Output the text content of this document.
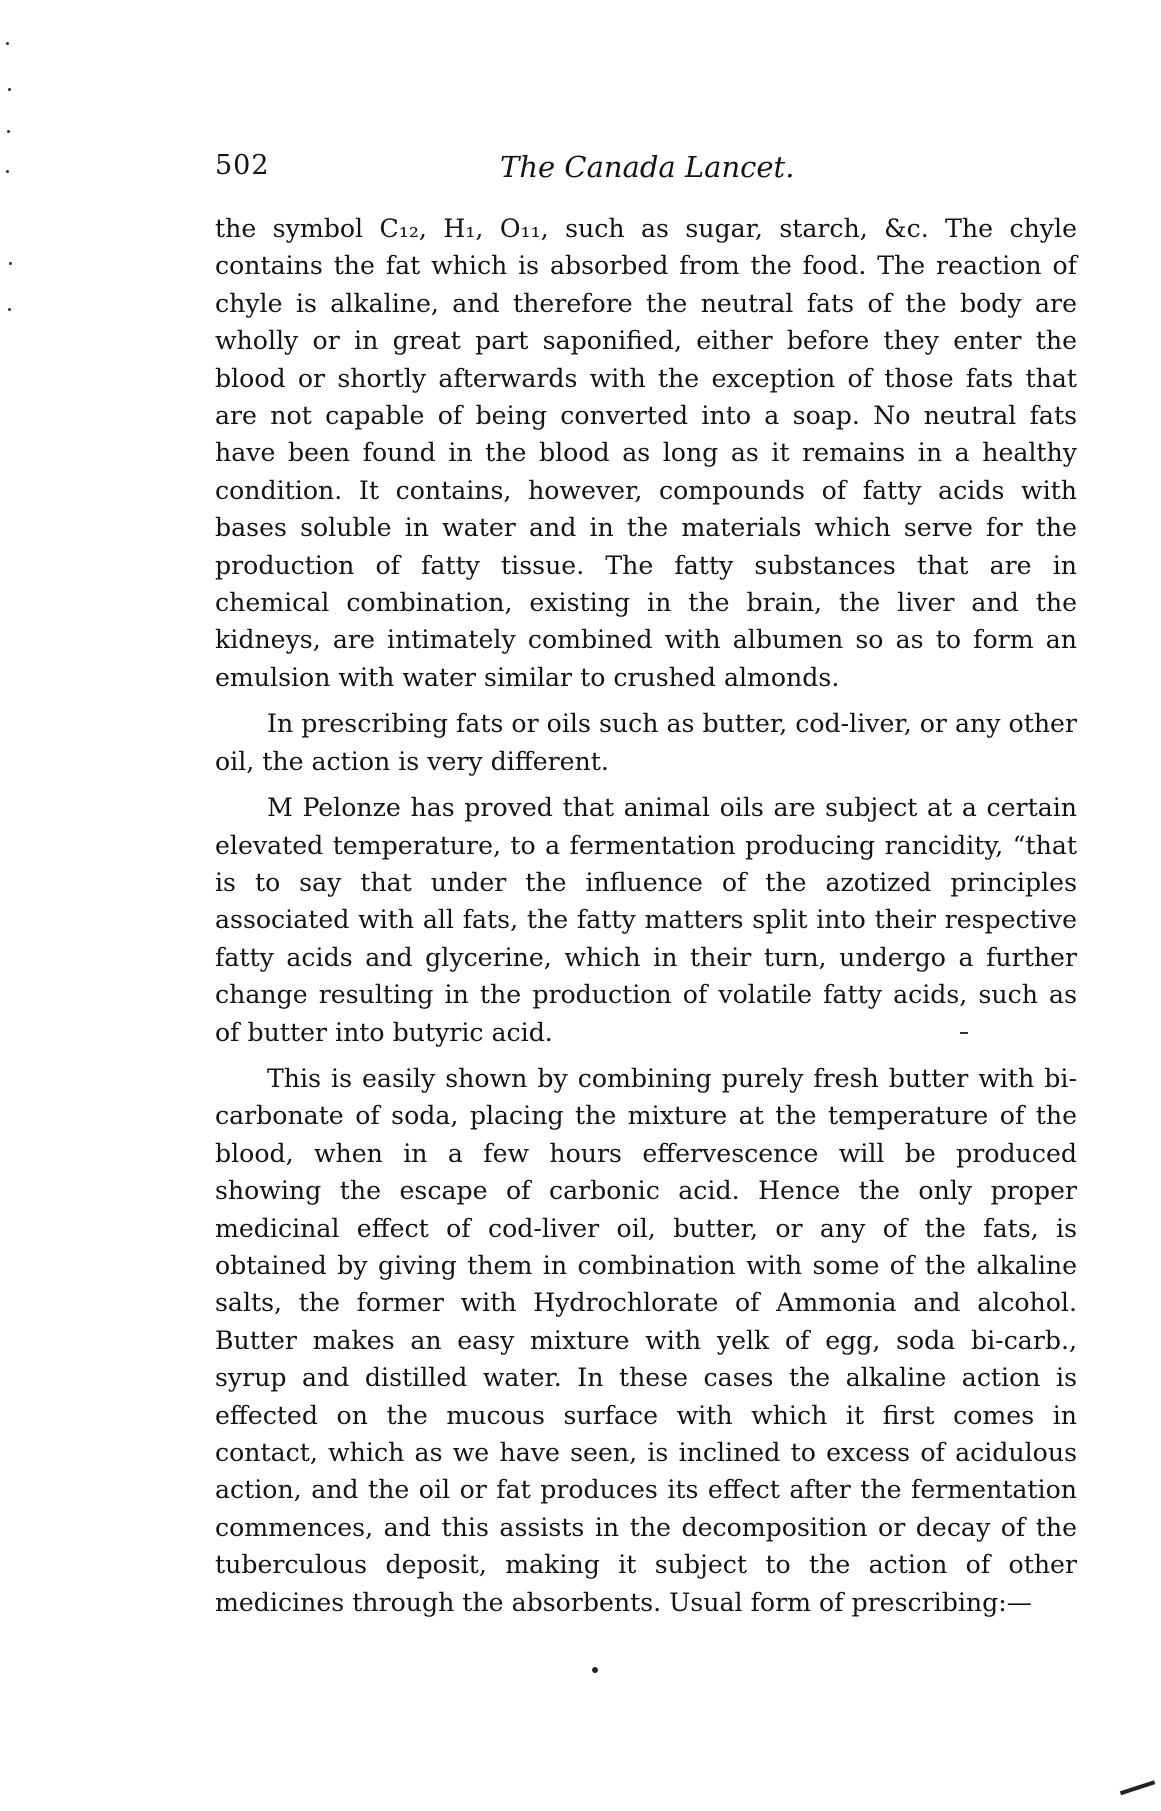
502	The Canada Lancet.

the symbol C₁₂, H₁, O₁₁, such as sugar, starch, &c. The chyle contains the fat which is absorbed from the food. The reaction of chyle is alkaline, and therefore the neutral fats of the body are wholly or in great part saponified, either before they enter the blood or shortly afterwards with the exception of those fats that are not capable of being converted into a soap. No neutral fats have been found in the blood as long as it remains in a healthy condition. It contains, however, compounds of fatty acids with bases soluble in water and in the materials which serve for the production of fatty tissue. The fatty substances that are in chemical combination, existing in the brain, the liver and the kidneys, are intimately combined with albumen so as to form an emulsion with water similar to crushed almonds.

In prescribing fats or oils such as butter, cod-liver, or any other oil, the action is very different.

M Pelonze has proved that animal oils are subject at a certain elevated temperature, to a fermentation producing rancidity, “that is to say that under the influence of the azotized principles associated with all fats, the fatty matters split into their respective fatty acids and glycerine, which in their turn, undergo a further change resulting in the production of volatile fatty acids, such as of butter into butyric acid.

This is easily shown by combining purely fresh butter with bi-carbonate of soda, placing the mixture at the temperature of the blood, when in a few hours effervescence will be produced showing the escape of carbonic acid. Hence the only proper medicinal effect of cod-liver oil, butter, or any of the fats, is obtained by giving them in combination with some of the alkaline salts, the former with Hydrochlorate of Ammonia and alcohol. Butter makes an easy mixture with yelk of egg, soda bi-carb., syrup and distilled water. In these cases the alkaline action is effected on the mucous surface with which it first comes in contact, which as we have seen, is inclined to excess of acidulous action, and the oil or fat produces its effect after the fermentation commences, and this assists in the decomposition or decay of the tuberculous deposit, making it subject to the action of other medicines through the absorbents. Usual form of prescribing:—
